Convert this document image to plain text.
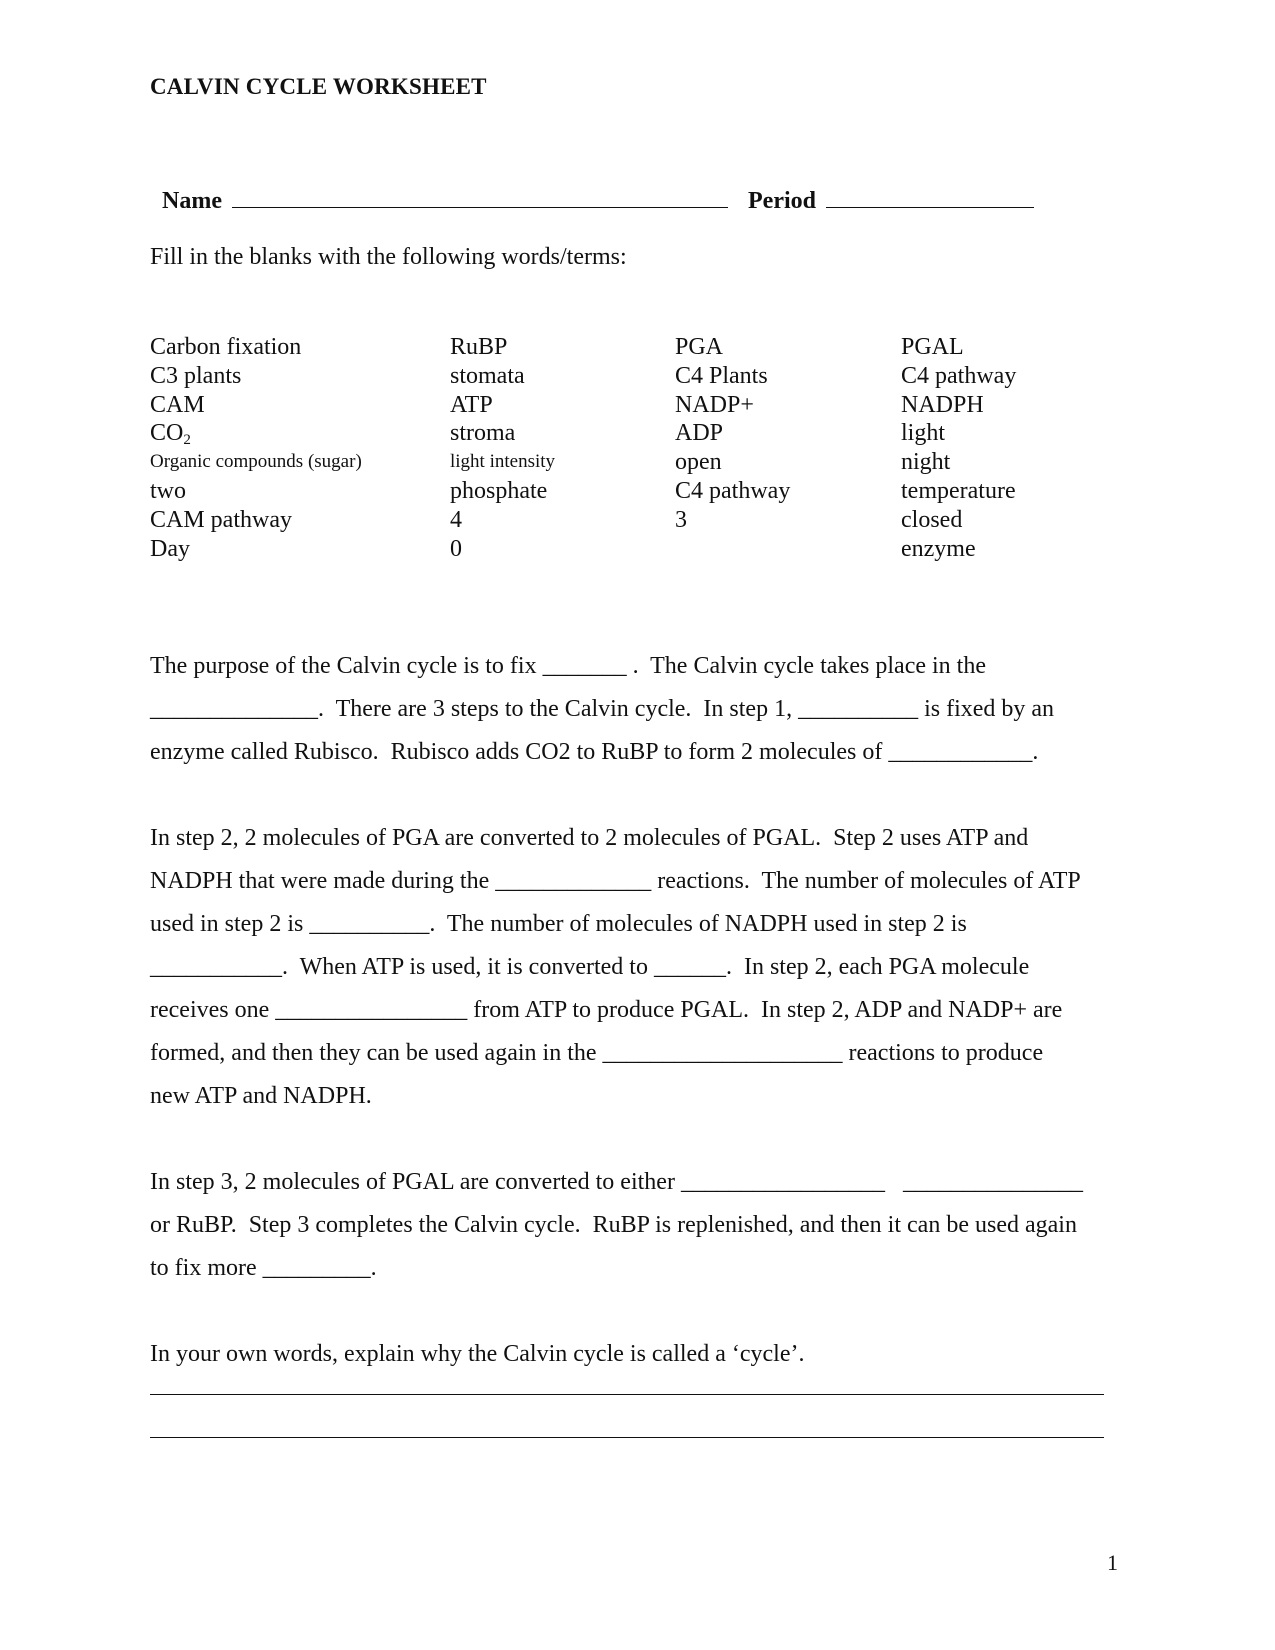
CALVIN CYCLE WORKSHEET

Name	Period

Fill in the blanks with the following words/terms:
Carbon fixation
C3 plants
CAM
$CO_2$
Organic compounds (sugar)
two
CAM pathway
Day
RuBP
stomata
ATP
stroma
light intensity
phosphate
4
0
PGA
C4 Plants
NADP+
ADP
open
C4 pathway
3
PGAL
C4 pathway
NADPH
light
night
temperature
closed
enzyme
The purpose of the Calvin cycle is to fix _______ .  The Calvin cycle takes place in the
______________.  There are 3 steps to the Calvin cycle.  In step 1, __________ is fixed by an
enzyme called Rubisco.  Rubisco adds CO2 to RuBP to form 2 molecules of ____________.
In step 2, 2 molecules of PGA are converted to 2 molecules of PGAL.  Step 2 uses ATP and
NADPH that were made during the _____________ reactions.  The number of molecules of ATP
used in step 2 is __________.  The number of molecules of NADPH used in step 2 is
___________.  When ATP is used, it is converted to ______.  In step 2, each PGA molecule
receives one ________________ from ATP to produce PGAL.  In step 2, ADP and NADP+ are
formed, and then they can be used again in the ____________________ reactions to produce
new ATP and NADPH.
In step 3, 2 molecules of PGAL are converted to either _________________   _______________
or RuBP.  Step 3 completes the Calvin cycle.  RuBP is replenished, and then it can be used again
to fix more _________.
In your own words, explain why the Calvin cycle is called a ‘cycle’.
1
